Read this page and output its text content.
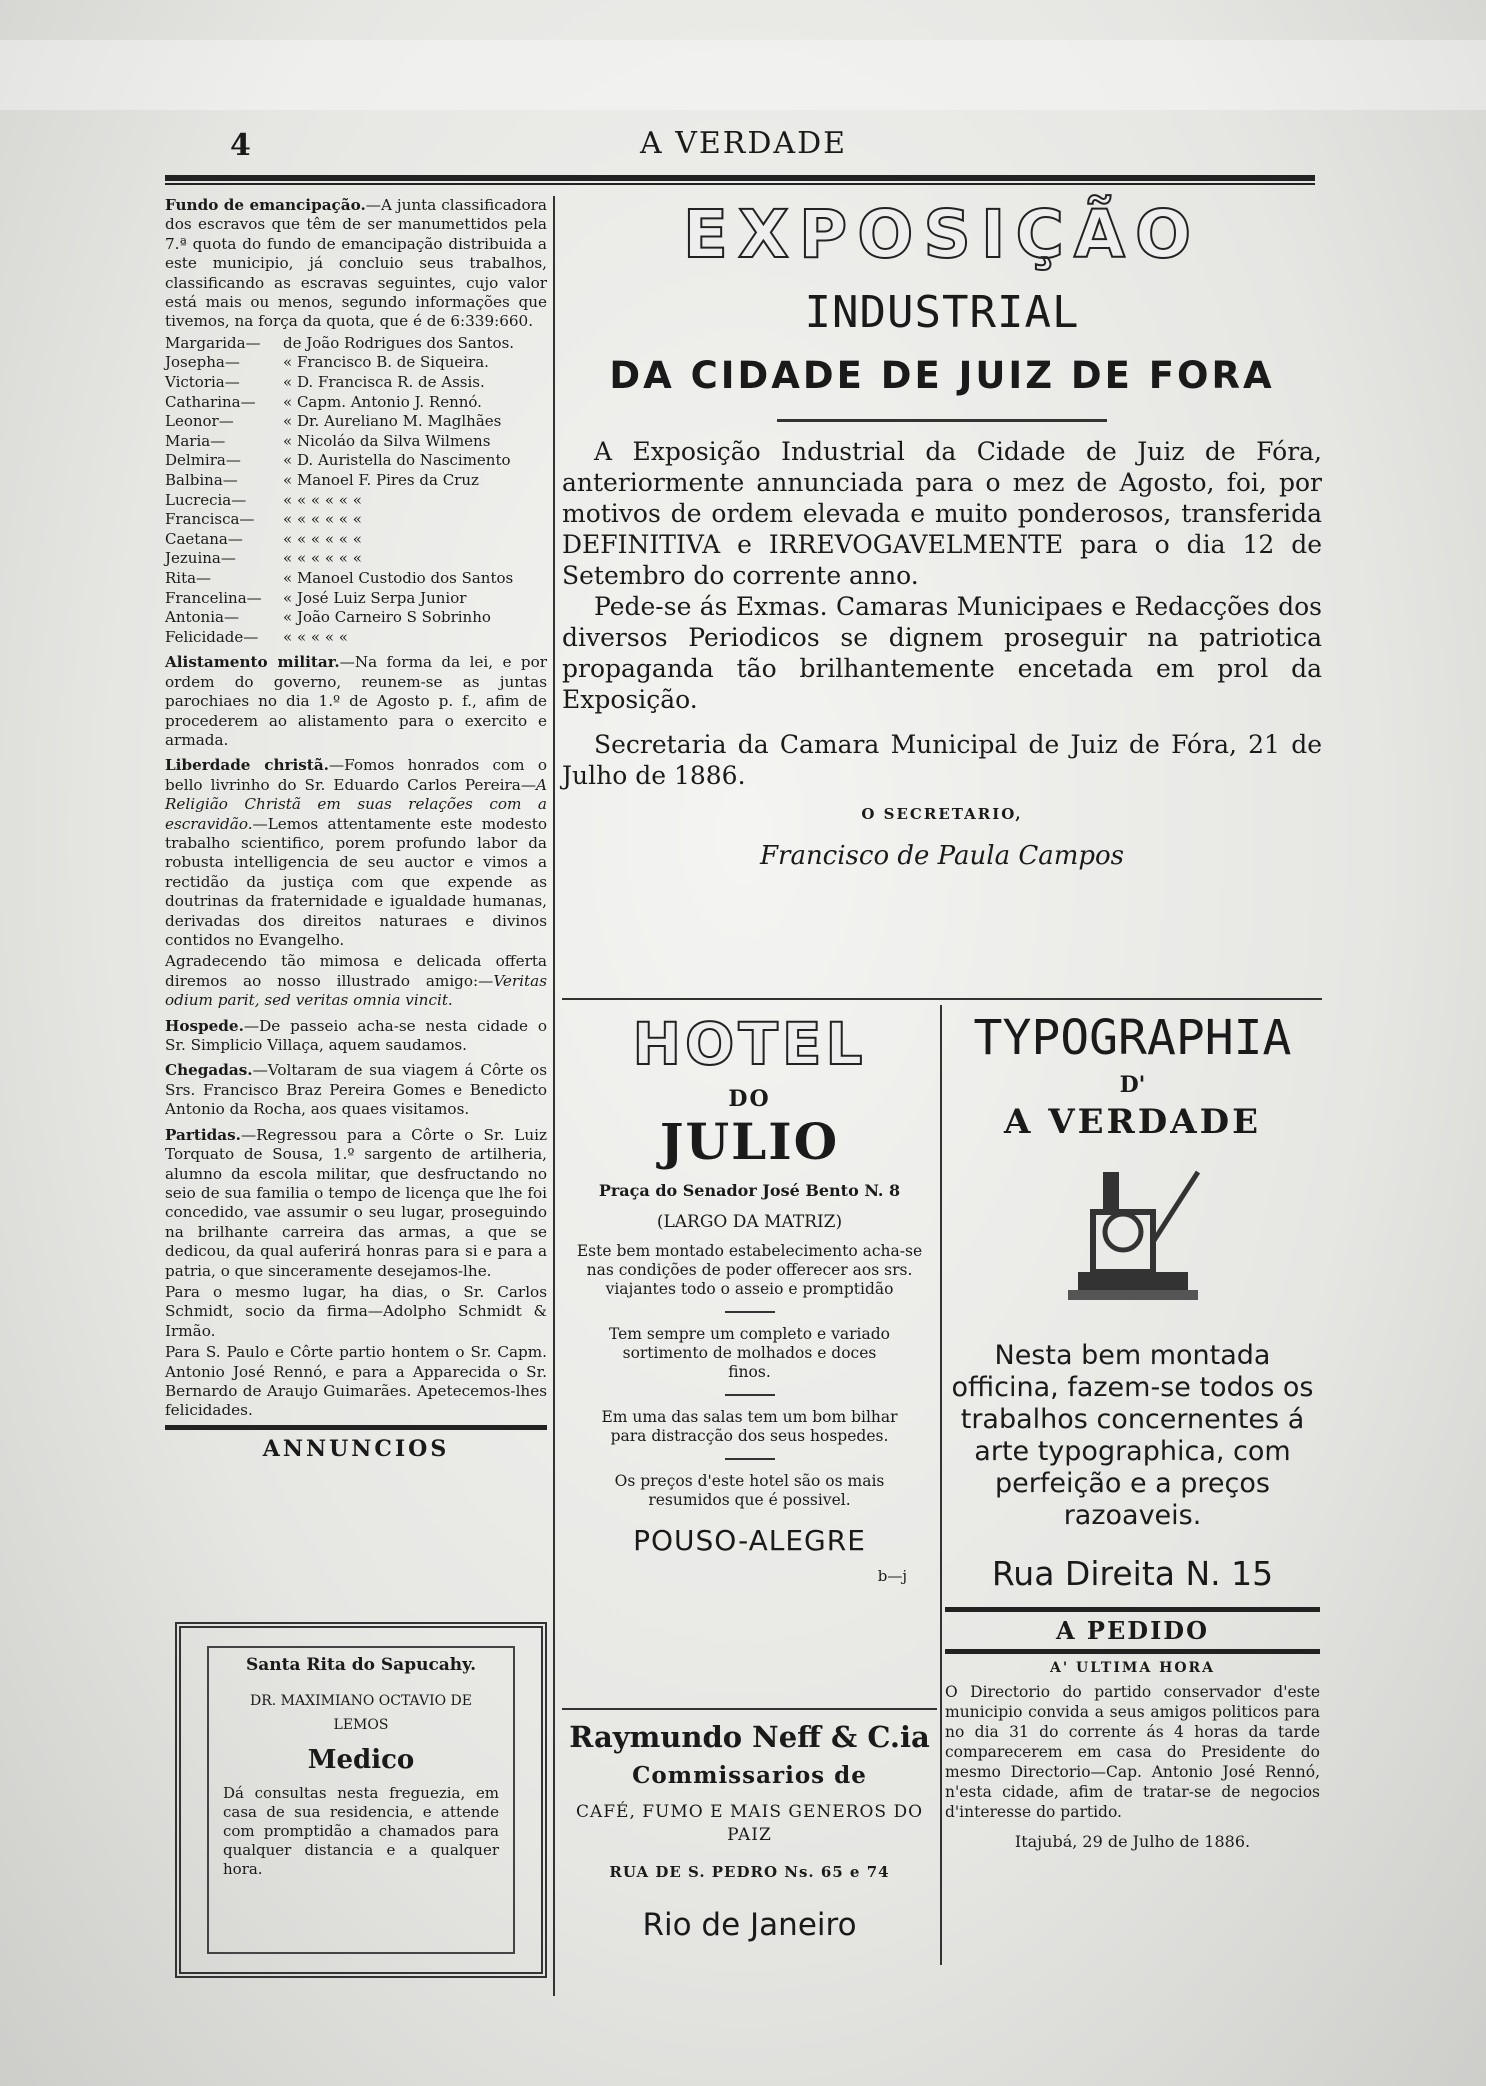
4	A VERDADE

Fundo de emancipação.—A junta classificadora dos escravos que têm de ser manumettidos pela 7.ª quota do fundo de emancipação distribuida a este municipio, já concluio seus trabalhos, classificando as escravas seguintes, cujo valor está mais ou menos, segundo informações que tivemos, na força da quota, que é de 6:339:660.

Margarida—	de João Rodrigues dos Santos.
Josepha—	« Francisco B. de Siqueira.
Victoria—	« D. Francisca R. de Assis.
Catharina—	« Capm. Antonio J. Rennó.
Leonor—	« Dr. Aureliano M. Maglhães
Maria—	« Nicoláo da Silva Wilmens
Delmira—	« D. Auristella do Nascimento
Balbina—	« Manoel F. Pires da Cruz
Lucrecia—	« « « « « «
Francisca—	« « « « « «
Caetana—	« « « « « «
Jezuina—	« « « « « «
Rita—	« Manoel Custodio dos Santos
Francelina—	« José Luiz Serpa Junior
Antonia—	« João Carneiro S Sobrinho
Felicidade—	« « « « «

Alistamento militar.—Na forma da lei, e por ordem do governo, reunem-se as juntas parochiaes no dia 1.º de Agosto p. f., afim de procederem ao alistamento para o exercito e armada.

Liberdade christã.—Fomos honrados com o bello livrinho do Sr. Eduardo Carlos Pereira—A Religião Christã em suas relações com a escravidão.—Lemos attentamente este modesto trabalho scientifico, porem profundo labor da robusta intelligencia de seu auctor e vimos a rectidão da justiça com que expende as doutrinas da fraternidade e igualdade humanas, derivadas dos direitos naturaes e divinos contidos no Evangelho.

Agradecendo tão mimosa e delicada offerta diremos ao nosso illustrado amigo:—Veritas odium parit, sed veritas omnia vincit.

Hospede.—De passeio acha-se nesta cidade o Sr. Simplicio Villaça, aquem saudamos.

Chegadas.—Voltaram de sua viagem á Côrte os Srs. Francisco Braz Pereira Gomes e Benedicto Antonio da Rocha, aos quaes visitamos.

Partidas.—Regressou para a Côrte o Sr. Luiz Torquato de Sousa, 1.º sargento de artilheria, alumno da escola militar, que desfructando no seio de sua familia o tempo de licença que lhe foi concedido, vae assumir o seu lugar, proseguindo na brilhante carreira das armas, a que se dedicou, da qual auferirá honras para si e para a patria, o que sinceramente desejamos-lhe.

Para o mesmo lugar, ha dias, o Sr. Carlos Schmidt, socio da firma—Adolpho Schmidt & Irmão.

Para S. Paulo e Côrte partio hontem o Sr. Capm. Antonio José Rennó, e para a Apparecida o Sr. Bernardo de Araujo Guimarães. Apetecemos-lhes felicidades.

ANNUNCIOS
Santa Rita do Sapucahy.
DR. MAXIMIANO OCTAVIO DE LEMOS
Medico
Dá consultas nesta freguezia, em casa de sua residencia, e attende com promptidão a chamados para qualquer distancia e a qualquer hora.
EXPOSIÇÃO
INDUSTRIAL
DA CIDADE DE JUIZ DE FORA

A Exposição Industrial da Cidade de Juiz de Fóra, anteriormente annunciada para o mez de Agosto, foi, por motivos de ordem elevada e muito ponderosos, transferida DEFINITIVA e IRREVOGAVELMENTE para o dia 12 de Setembro do corrente anno.

Pede-se ás Exmas. Camaras Municipaes e Redacções dos diversos Periodicos se dignem proseguir na patriotica propaganda tão brilhantemente encetada em prol da Exposição.

Secretaria da Camara Municipal de Juiz de Fóra, 21 de Julho de 1886.

O SECRETARIO,
Francisco de Paula Campos
HOTEL
DO
JULIO
Praça do Senador José Bento N. 8
(LARGO DA MATRIZ)
Este bem montado estabelecimento acha-se nas condições de poder offerecer aos srs. viajantes todo o asseio e promptidão
Tem sempre um completo e variado sortimento de molhados e doces finos.
Em uma das salas tem um bom bilhar para distracção dos seus hospedes.
Os preços d'este hotel são os mais resumidos que é possivel.
POUSO-ALEGRE
b—j
TYPOGRAPHIA
D'
A VERDADE
Nesta bem montada officina, fazem-se todos os trabalhos concernentes á arte typographica, com perfeição e a preços razoaveis.
Rua Direita N. 15
A PEDIDO
A' ULTIMA HORA
O Directorio do partido conservador d'este municipio convida a seus amigos politicos para no dia 31 do corrente ás 4 horas da tarde comparecerem em casa do Presidente do mesmo Directorio—Cap. Antonio José Rennó, n'esta cidade, afim de tratar-se de negocios d'interesse do partido.
Itajubá, 29 de Julho de 1886.
Raymundo Neff & C.ia
Commissarios de
CAFÉ, FUMO E MAIS GENEROS DO PAIZ
RUA DE S. PEDRO Ns. 65 e 74
Rio de Janeiro
